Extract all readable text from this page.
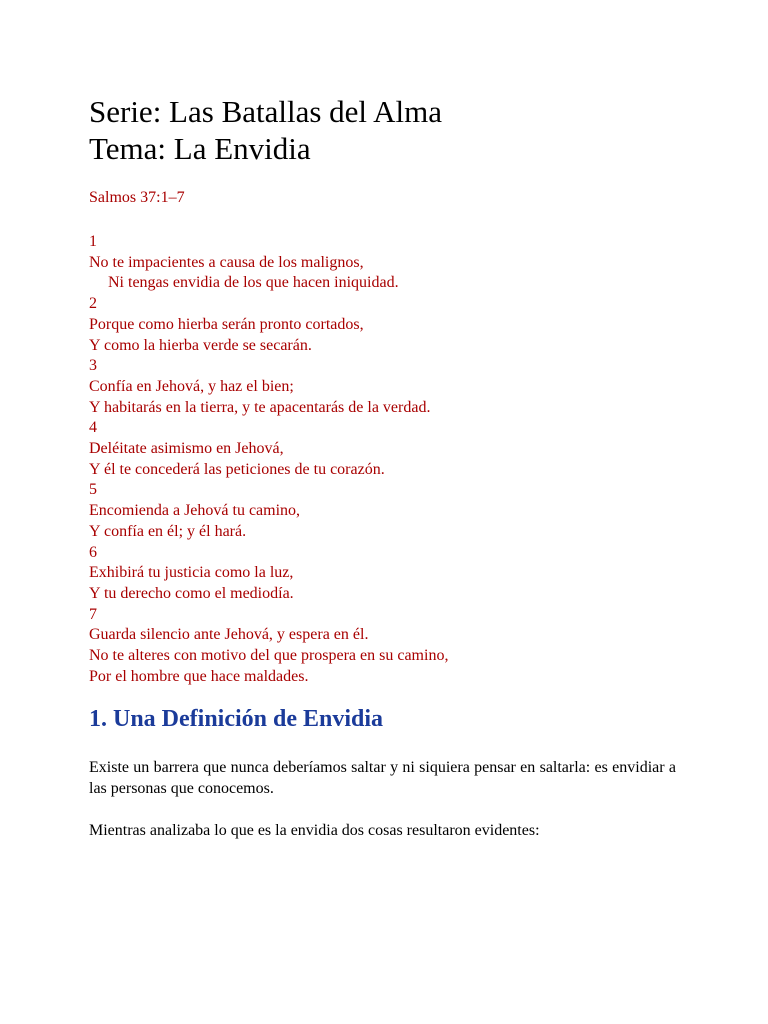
Serie: Las Batallas del Alma
Tema: La Envidia
Salmos 37:1–7
1
No te impacientes a causa de los malignos,
Ni tengas envidia de los que hacen iniquidad.
2
Porque como hierba serán pronto cortados,
Y como la hierba verde se secarán.
3
Confía en Jehová, y haz el bien;
Y habitarás en la tierra, y te apacentarás de la verdad.
4
Deléitate asimismo en Jehová,
Y él te concederá las peticiones de tu corazón.
5
Encomienda a Jehová tu camino,
Y confía en él; y él hará.
6
Exhibirá tu justicia como la luz,
Y tu derecho como el mediodía.
7
Guarda silencio ante Jehová, y espera en él.
No te alteres con motivo del que prospera en su camino,
Por el hombre que hace maldades.
1. Una Definición de Envidia

Existe un barrera que nunca deberíamos saltar y ni siquiera pensar en saltarla: es envidiar a las personas que conocemos.

Mientras analizaba lo que es la envidia dos cosas resultaron evidentes:
